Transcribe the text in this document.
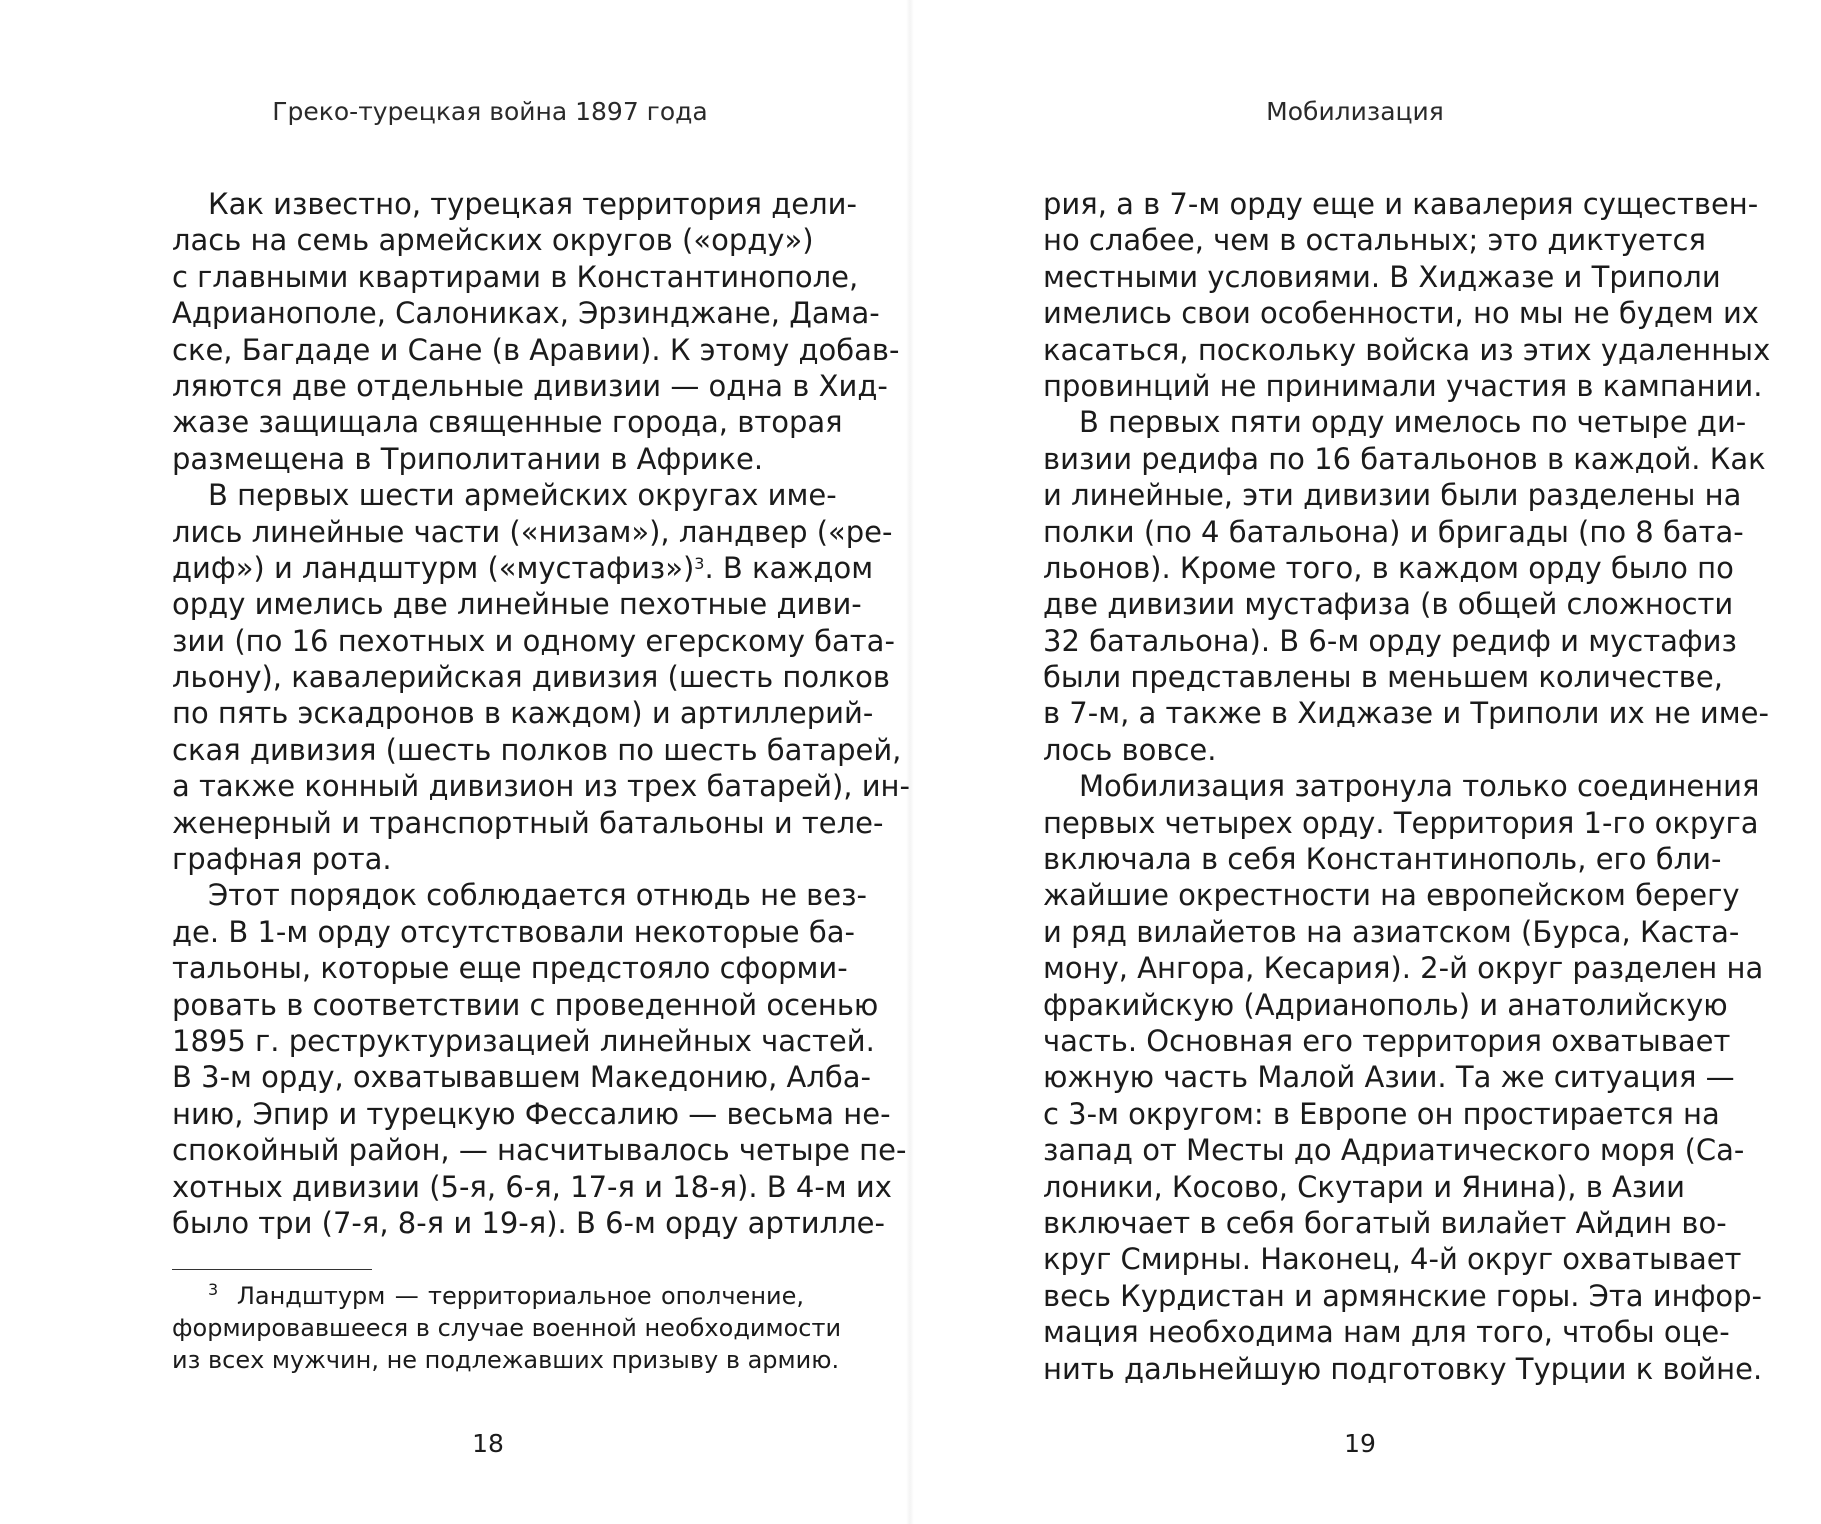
Греко-турецкая война 1897 года
Как известно, турецкая территория дели-
лась на семь армейских округов («орду»)
с главными квартирами в Константинополе,
Адрианополе, Салониках, Эрзинджане, Дама-
ске, Багдаде и Сане (в Аравии). К этому добав-
ляются две отдельные дивизии — одна в Хид-
жазе защищала священные города, вторая
размещена в Триполитании в Африке.
В первых шести армейских округах име-
лись линейные части («низам»), ландвер («ре-
диф») и ландштурм («мустафиз»)$^3$. В каждом
орду имелись две линейные пехотные диви-
зии (по 16 пехотных и одному егерскому бата-
льону), кавалерийская дивизия (шесть полков
по пять эскадронов в каждом) и артиллерий-
ская дивизия (шесть полков по шесть батарей,
а также конный дивизион из трех батарей), ин-
женерный и транспортный батальоны и теле-
графная рота.
Этот порядок соблюдается отнюдь не вез-
де. В 1-м орду отсутствовали некоторые ба-
тальоны, которые еще предстояло сформи-
ровать в соответствии с проведенной осенью
1895 г. реструктуризацией линейных частей.
В 3-м орду, охватывавшем Македонию, Алба-
нию, Эпир и турецкую Фессалию — весьма не-
спокойный район, — насчитывалось четыре пе-
хотных дивизии (5-я, 6-я, 17-я и 18-я). В 4-м их
было три (7-я, 8-я и 19-я). В 6-м орду артилле-
$^3$ Ландштурм — территориальное ополчение,
формировавшееся в случае военной необходимости
из всех мужчин, не подлежавших призыву в армию.
18
Мобилизация
рия, а в 7-м орду еще и кавалерия существен-
но слабее, чем в остальных; это диктуется
местными условиями. В Хиджазе и Триполи
имелись свои особенности, но мы не будем их
касаться, поскольку войска из этих удаленных
провинций не принимали участия в кампании.
В первых пяти орду имелось по четыре ди-
визии редифа по 16 батальонов в каждой. Как
и линейные, эти дивизии были разделены на
полки (по 4 батальона) и бригады (по 8 бата-
льонов). Кроме того, в каждом орду было по
две дивизии мустафиза (в общей сложности
32 батальона). В 6-м орду редиф и мустафиз
были представлены в меньшем количестве,
в 7-м, а также в Хиджазе и Триполи их не име-
лось вовсе.
Мобилизация затронула только соединения
первых четырех орду. Территория 1-го округа
включала в себя Константинополь, его бли-
жайшие окрестности на европейском берегу
и ряд вилайетов на азиатском (Бурса, Каста-
мону, Ангора, Кесария). 2-й округ разделен на
фракийскую (Адрианополь) и анатолийскую
часть. Основная его территория охватывает
южную часть Малой Азии. Та же ситуация —
с 3-м округом: в Европе он простирается на
запад от Месты до Адриатического моря (Са-
лоники, Косово, Скутари и Янина), в Азии
включает в себя богатый вилайет Айдин во-
круг Смирны. Наконец, 4-й округ охватывает
весь Курдистан и армянские горы. Эта инфор-
мация необходима нам для того, чтобы оце-
нить дальнейшую подготовку Турции к войне.
19
